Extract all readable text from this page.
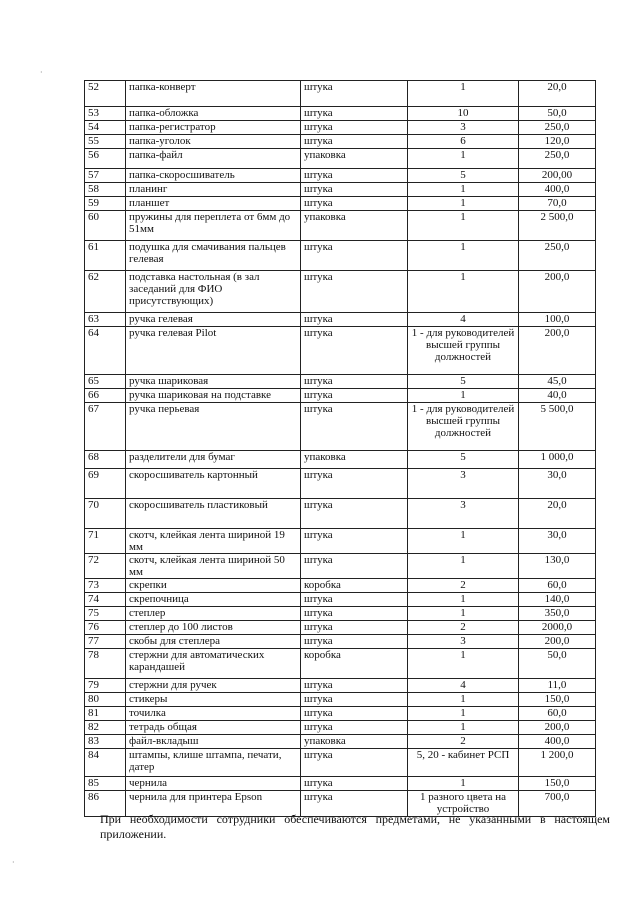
52	папка-конверт	штука	1	20,0
53	папка-обложка	штука	10	50,0
54	папка-регистратор	штука	3	250,0
55	папка-уголок	штука	6	120,0
56	папка-файл	упаковка	1	250,0
57	папка-скоросшиватель	штука	5	200,00
58	планинг	штука	1	400,0
59	планшет	штука	1	70,0
60	пружины для переплета от 6мм до 51мм	упаковка	1	2 500,0
61	подушка для смачивания пальцев гелевая	штука	1	250,0
62	подставка настольная (в зал заседаний для ФИО присутствующих)	штука	1	200,0
63	ручка гелевая	штука	4	100,0
64	ручка гелевая Pilot	штука	1 - для руководителей высшей группы должностей	200,0
65	ручка шариковая	штука	5	45,0
66	ручка шариковая на подставке	штука	1	40,0
67	ручка перьевая	штука	1 - для руководителей высшей группы должностей	5 500,0
68	разделители для бумаг	упаковка	5	1 000,0
69	скоросшиватель картонный	штука	3	30,0
70	скоросшиватель пластиковый	штука	3	20,0
71	скотч, клейкая лента шириной 19 мм	штука	1	30,0
72	скотч, клейкая лента шириной 50 мм	штука	1	130,0
73	скрепки	коробка	2	60,0
74	скрепочница	штука	1	140,0
75	степлер	штука	1	350,0
76	степлер до 100 листов	штука	2	2000,0
77	скобы для степлера	штука	3	200,0
78	стержни для автоматических карандашей	коробка	1	50,0
79	стержни для ручек	штука	4	11,0
80	стикеры	штука	1	150,0
81	точилка	штука	1	60,0
82	тетрадь общая	штука	1	200,0
83	файл-вкладыш	упаковка	2	400,0
84	штампы, клише штампа, печати, датер	штука	5, 20 - кабинет РСП	1 200,0
85	чернила	штука	1	150,0
86	чернила для принтера Epson	штука	1 разного цвета на устройство	700,0
При необходимости сотрудники обеспечиваются предметами, не указанными в настоящем приложении.
·
·
